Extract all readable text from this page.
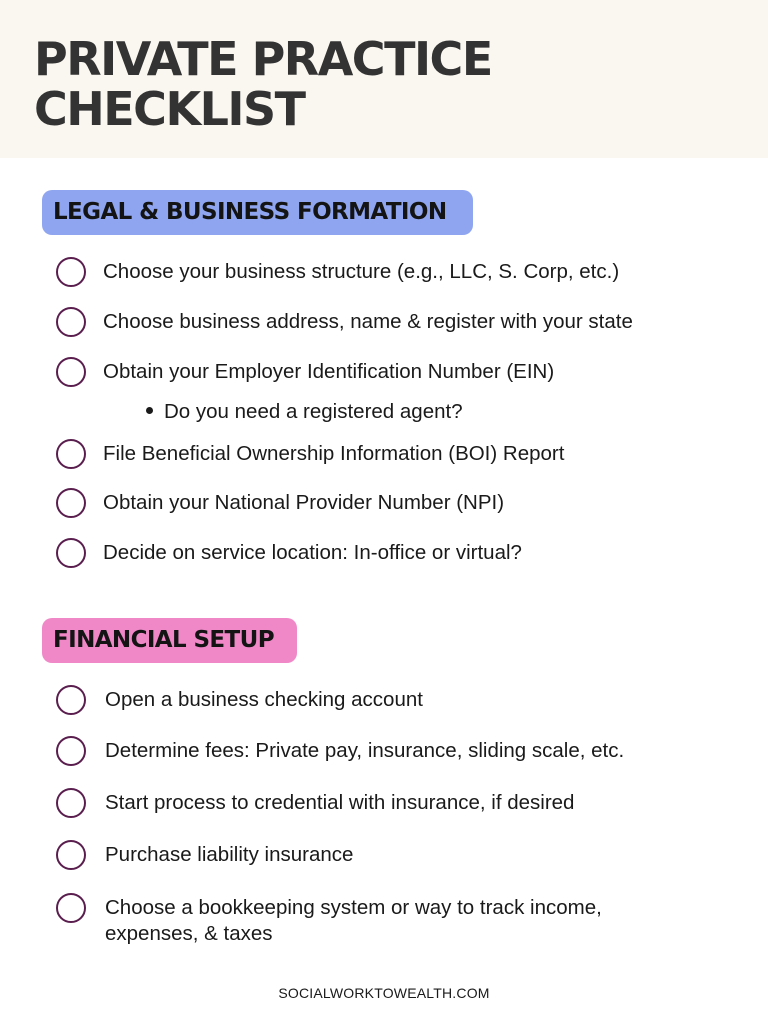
PRIVATE PRACTICE
CHECKLIST
LEGAL & BUSINESS FORMATION
Choose your business structure (e.g., LLC, S. Corp, etc.)
Choose business address, name & register with your state
Obtain your Employer Identification Number (EIN)
Do you need a registered agent?
File Beneficial Ownership Information (BOI) Report
Obtain your National Provider Number (NPI)
Decide on service location: In-office or virtual?
FINANCIAL SETUP
Open a business checking account
Determine fees: Private pay, insurance, sliding scale, etc.
Start process to credential with insurance, if desired
Purchase liability insurance
Choose a bookkeeping system or way to track income,
expenses, & taxes
SOCIALWORKTOWEALTH.COM
